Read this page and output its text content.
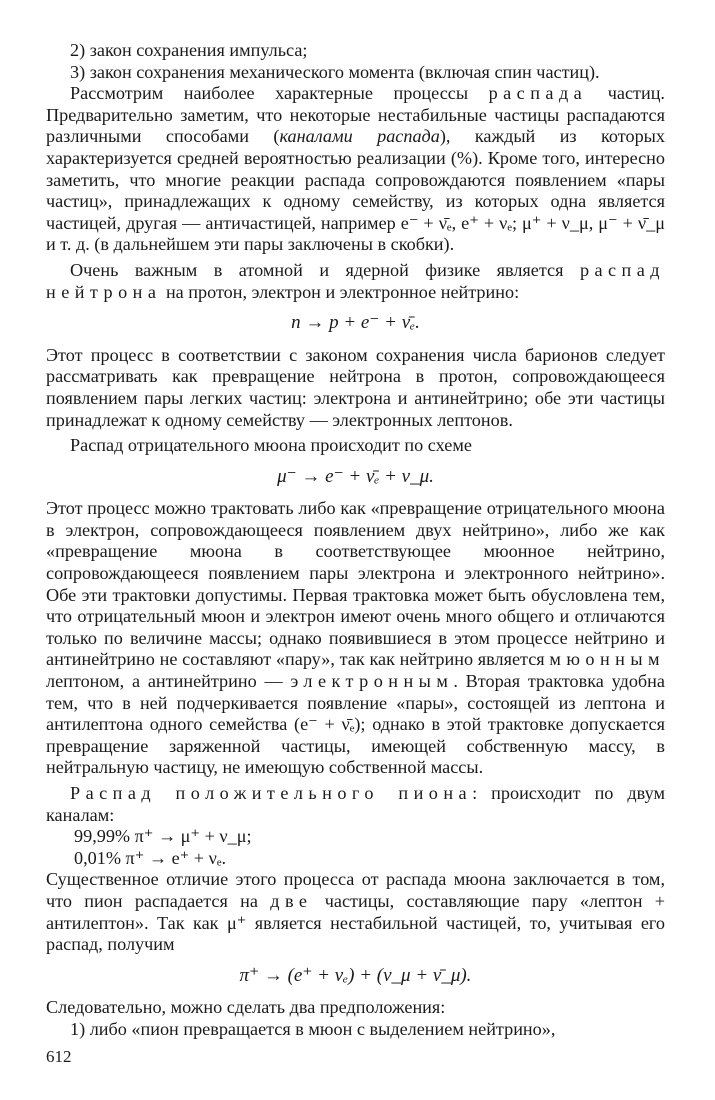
2) закон сохранения импульса;

3) закон сохранения механического момента (включая спин частиц).

Рассмотрим наиболее характерные процессы распада частиц. Предварительно заметим, что некоторые нестабильные частицы распадаются различными способами (каналами распада), каждый из которых характеризуется средней вероятностью реализации (%). Кроме того, интересно заметить, что многие реакции распада сопровождаются появлением «пары частиц», принадлежащих к одному семейству, из которых одна является частицей, другая — античастицей, например e⁻ + ν̄ₑ, e⁺ + νₑ; μ⁺ + ν_μ, μ⁻ + ν̄_μ и т. д. (в дальнейшем эти пары заключены в скобки).

Очень важным в атомной и ядерной физике является распад нейтрона на протон, электрон и электронное нейтрино:

n → p + e⁻ + ν̄ₑ.

Этот процесс в соответствии с законом сохранения числа барионов следует рассматривать как превращение нейтрона в протон, сопровождающееся появлением пары легких частиц: электрона и антинейтрино; обе эти частицы принадлежат к одному семейству — электронных лептонов.

Распад отрицательного мюона происходит по схеме

μ⁻ → e⁻ + ν̄ₑ + ν_μ.

Этот процесс можно трактовать либо как «превращение отрицательного мюона в электрон, сопровождающееся появлением двух нейтрино», либо же как «превращение мюона в соответствующее мюонное нейтрино, сопровождающееся появлением пары электрона и электронного нейтрино». Обе эти трактовки допустимы. Первая трактовка может быть обусловлена тем, что отрицательный мюон и электрон имеют очень много общего и отличаются только по величине массы; однако появившиеся в этом процессе нейтрино и антинейтрино не составляют «пару», так как нейтрино является мюонным лептоном, а антинейтрино — электронным. Вторая трактовка удобна тем, что в ней подчеркивается появление «пары», состоящей из лептона и антилептона одного семейства (e⁻ + ν̄ₑ); однако в этой трактовке допускается превращение заряженной частицы, имеющей собственную массу, в нейтральную частицу, не имеющую собственной массы.

Распад положительного пиона: происходит по двум каналам:

99,99% π⁺ → μ⁺ + ν_μ;
0,01% π⁺ → e⁺ + νₑ.

Существенное отличие этого процесса от распада мюона заключается в том, что пион распадается на две частицы, составляющие пару «лептон + антилептон». Так как μ⁺ является нестабильной частицей, то, учитывая его распад, получим

π⁺ → (e⁺ + νₑ) + (ν_μ + ν̄_μ).

Следовательно, можно сделать два предположения:

1) либо «пион превращается в мюон с выделением нейтрино»,

612
